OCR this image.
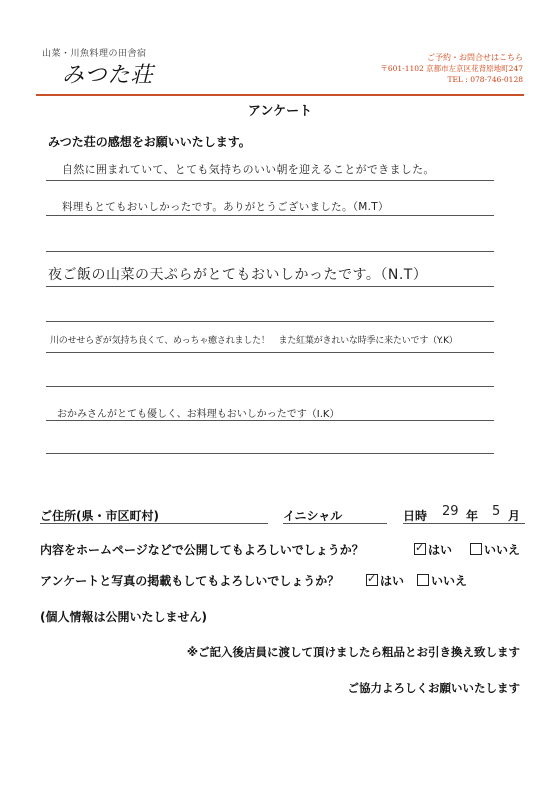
山菜・川魚料理の田舎宿
みつた荘
ご予約・お問合せはこちら
〒601-1102 京都市左京区花背原地町247
TEL : 078-746-0128
アンケート
みつた荘の感想をお願いいたします。
自然に囲まれていて、とても気持ちのいい朝を迎えることができました。
料理もとてもおいしかったです。ありがとうございました。（M.T）
夜ご飯の山菜の天ぷらがとてもおいしかったです。（N.T）
川のせせらぎが気持ち良くて、めっちゃ癒されました！　また紅葉がきれいな時季に来たいです（Y.K）
おかみさんがとても優しく、お料理もおいしかったです（I.K）
ご住所(県・市区町村)	イニシャル	日時 29 年 5 月
内容をホームページなどで公開してもよろしいでしょうか？ ✓	はい	いいえ
アンケートと写真の掲載もしてもよろしいでしょうか？ ✓	はい	いいえ
(個人情報は公開いたしません)
※ご記入後店員に渡して頂けましたら粗品とお引き換え致します
ご協力よろしくお願いいたします
